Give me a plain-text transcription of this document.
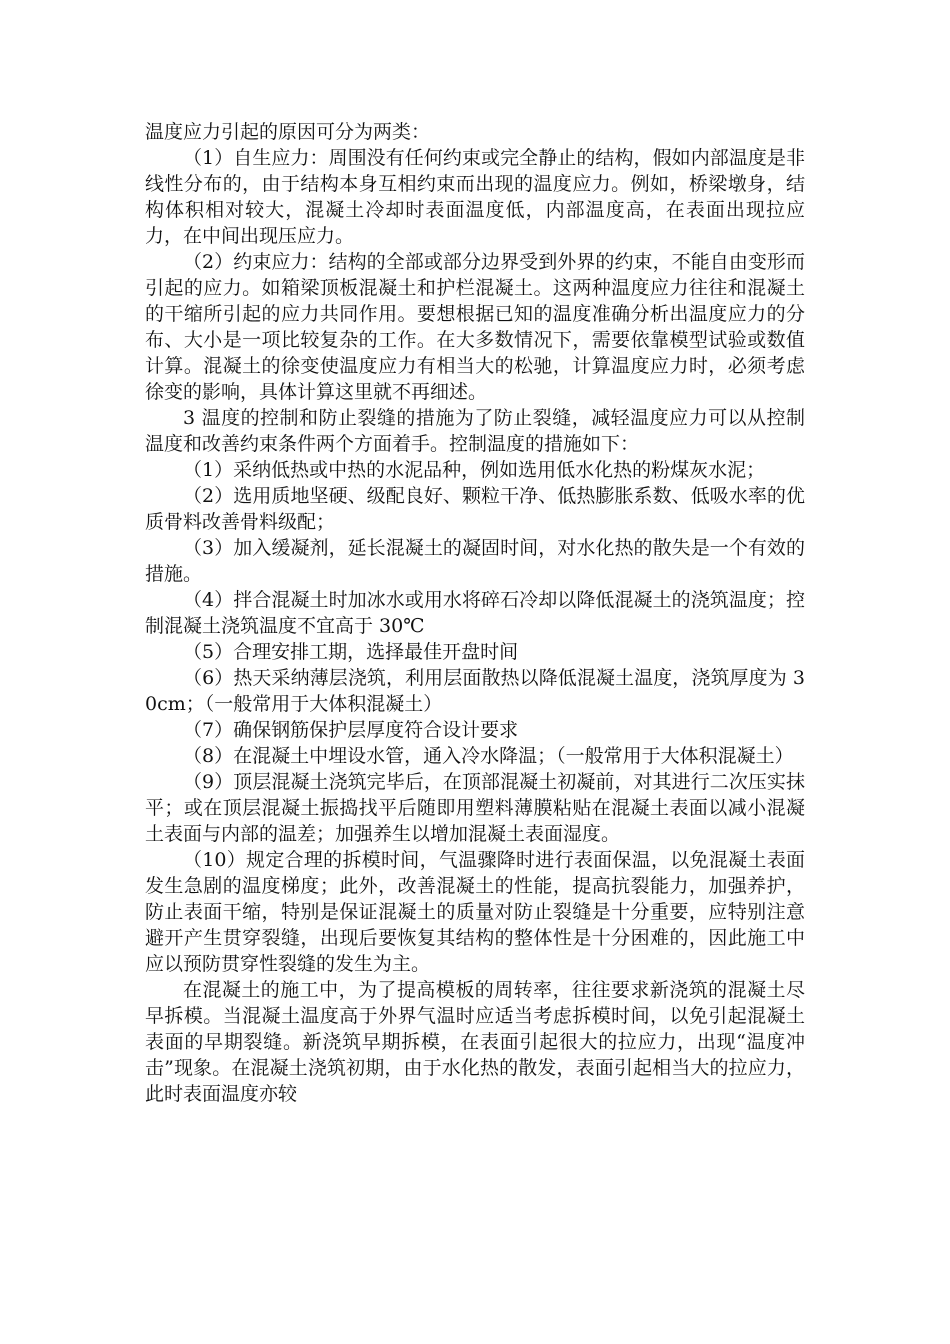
温度应力引起的原因可分为两类：

（1）自生应力：周围没有任何约束或完全静止的结构，假如内部温度是非线性分布的，由于结构本身互相约束而出现的温度应力。例如，桥梁墩身，结构体积相对较大，混凝土冷却时表面温度低，内部温度高，在表面出现拉应力，在中间出现压应力。

（2）约束应力：结构的全部或部分边界受到外界的约束，不能自由变形而引起的应力。如箱梁顶板混凝土和护栏混凝土。这两种温度应力往往和混凝土的干缩所引起的应力共同作用。要想根据已知的温度准确分析出温度应力的分布、大小是一项比较复杂的工作。在大多数情况下，需要依靠模型试验或数值计算。混凝土的徐变使温度应力有相当大的松驰，计算温度应力时，必须考虑徐变的影响，具体计算这里就不再细述。

3 温度的控制和防止裂缝的措施为了防止裂缝，减轻温度应力可以从控制温度和改善约束条件两个方面着手。控制温度的措施如下：

（1）采纳低热或中热的水泥品种，例如选用低水化热的粉煤灰水泥；

（2）选用质地坚硬、级配良好、颗粒干净、低热膨胀系数、低吸水率的优质骨料改善骨料级配；

（3）加入缓凝剂，延长混凝土的凝固时间，对水化热的散失是一个有效的措施。

（4）拌合混凝土时加冰水或用水将碎石冷却以降低混凝土的浇筑温度；控制混凝土浇筑温度不宜高于 30℃

（5）合理安排工期，选择最佳开盘时间

（6）热天采纳薄层浇筑，利用层面散热以降低混凝土温度，浇筑厚度为 30cm；（一般常用于大体积混凝土）

（7）确保钢筋保护层厚度符合设计要求

（8）在混凝土中埋设水管，通入冷水降温；（一般常用于大体积混凝土）

（9）顶层混凝土浇筑完毕后，在顶部混凝土初凝前，对其进行二次压实抹平；或在顶层混凝土振捣找平后随即用塑料薄膜粘贴在混凝土表面以减小混凝土表面与内部的温差；加强养生以增加混凝土表面湿度。

（10）规定合理的拆模时间，气温骤降时进行表面保温，以免混凝土表面发生急剧的温度梯度；此外，改善混凝土的性能，提高抗裂能力，加强养护，防止表面干缩，特别是保证混凝土的质量对防止裂缝是十分重要，应特别注意避开产生贯穿裂缝，出现后要恢复其结构的整体性是十分困难的，因此施工中应以预防贯穿性裂缝的发生为主。

在混凝土的施工中，为了提高模板的周转率，往往要求新浇筑的混凝土尽早拆模。当混凝土温度高于外界气温时应适当考虑拆模时间，以免引起混凝土表面的早期裂缝。新浇筑早期拆模，在表面引起很大的拉应力，出现“温度冲击”现象。在混凝土浇筑初期，由于水化热的散发，表面引起相当大的拉应力，此时表面温度亦较
